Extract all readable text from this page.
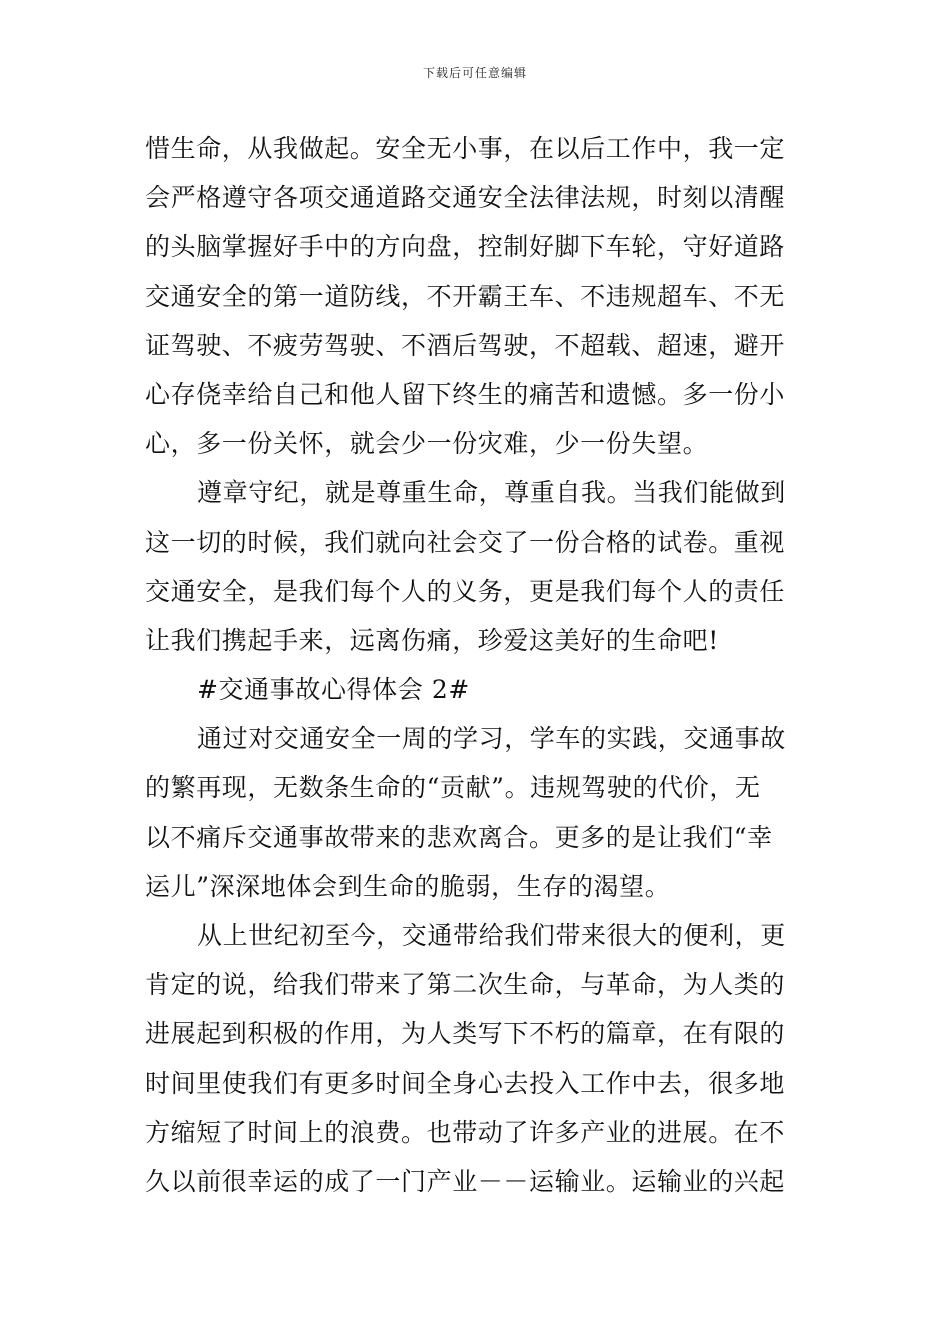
下载后可任意编辑
惜生命，从我做起。安全无小事，在以后工作中，我一定
会严格遵守各项交通道路交通安全法律法规，时刻以清醒
的头脑掌握好手中的方向盘，控制好脚下车轮，守好道路
交通安全的第一道防线，不开霸王车、不违规超车、不无
证驾驶、不疲劳驾驶、不酒后驾驶，不超载、超速，避开
心存侥幸给自己和他人留下终生的痛苦和遗憾。多一份小
心，多一份关怀，就会少一份灾难，少一份失望。
遵章守纪，就是尊重生命，尊重自我。当我们能做到
这一切的时候，我们就向社会交了一份合格的试卷。重视
交通安全，是我们每个人的义务，更是我们每个人的责任
让我们携起手来，远离伤痛，珍爱这美好的生命吧!
#交通事故心得体会 2#
通过对交通安全一周的学习，学车的实践，交通事故
的繁再现，无数条生命的“贡献”。违规驾驶的代价，无
以不痛斥交通事故带来的悲欢离合。更多的是让我们“幸
运儿”深深地体会到生命的脆弱，生存的渴望。
从上世纪初至今，交通带给我们带来很大的便利，更
肯定的说，给我们带来了第二次生命，与革命，为人类的
进展起到积极的作用，为人类写下不朽的篇章，在有限的
时间里使我们有更多时间全身心去投入工作中去，很多地
方缩短了时间上的浪费。也带动了许多产业的进展。在不
久以前很幸运的成了一门产业－－运输业。运输业的兴起
